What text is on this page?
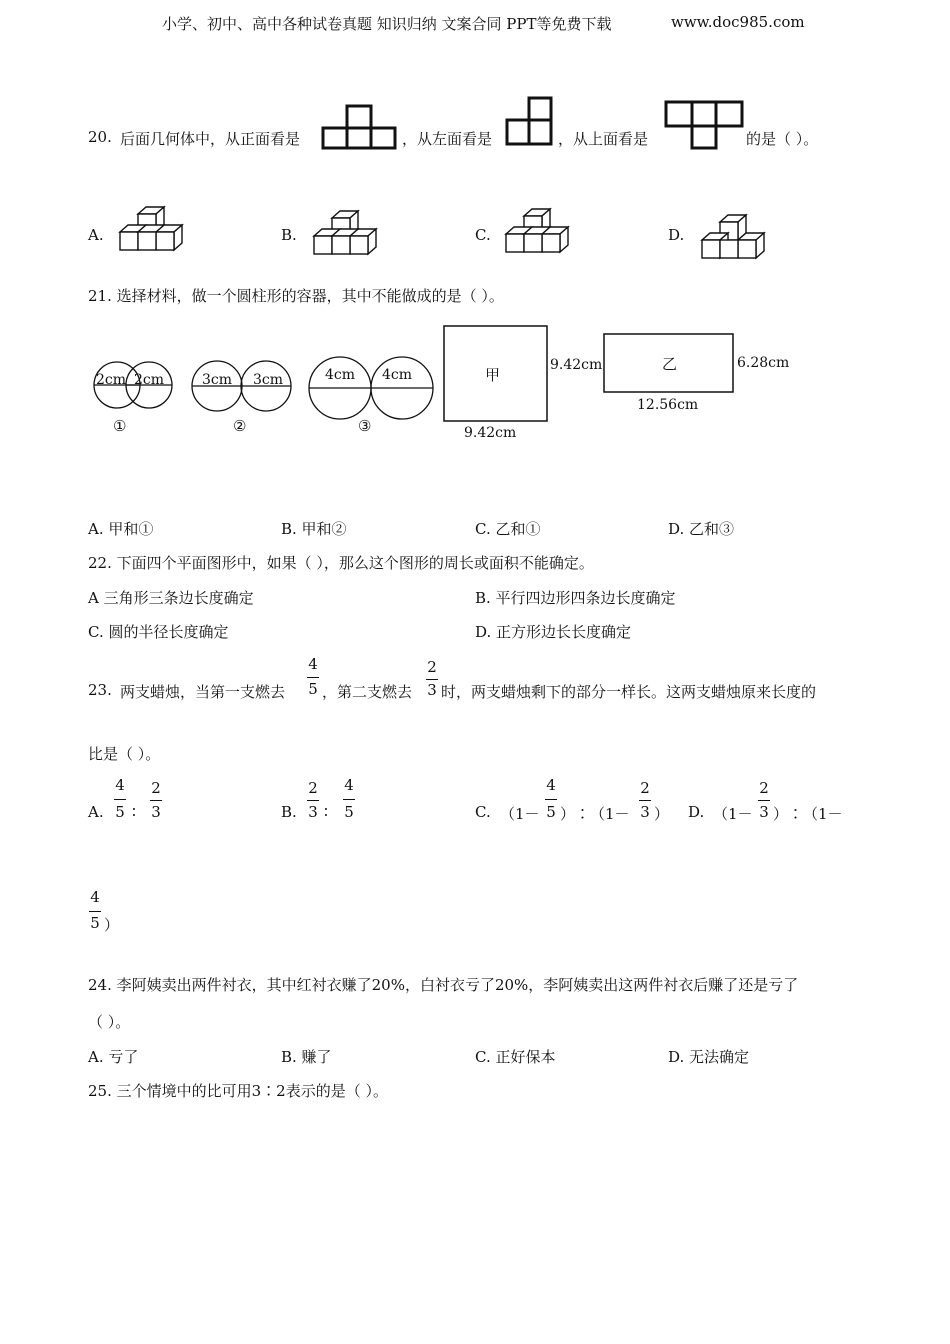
小学、初中、高中各种试卷真题 知识归纳 文案合同 PPT等免费下载	www.doc985.com
20. 后面几何体中，从正面看是	，从左面看是	，从上面看是	的是（ ）。
A.	B.	C.	D.
21. 选择材料，做一个圆柱形的容器，其中不能做成的是（ ）。
2cm 2cm	3cm 3cm	4cm 4cm
①	②	③
甲
9.42cm
9.42cm
乙	6.28cm
12.56cm
A. 甲和①	B. 甲和②	C. 乙和①	D. 乙和③
22. 下面四个平面图形中，如果（ ），那么这个图形的周长或面积不能确定。
A 三角形三条边长度确定	B. 平行四边形四条边长度确定
C. 圆的半径长度确定	D. 正方形边长长度确定
23. 两支蜡烛，当第一支燃去
4
5 ，第二支燃去
2
3 时，两支蜡烛剩下的部分一样长。这两支蜡烛原来长度的
比是（ ）。
A.
4
5 ∶
2
3	B.
2
3 ∶
4
5	C. （1－
4
5 ）∶（1－
2
3 ） D. （1－
2
3 ）∶（1－
4
5 ）
24. 李阿姨卖出两件衬衣，其中红衬衣赚了20%，白衬衣亏了20%，李阿姨卖出这两件衬衣后赚了还是亏了
（ ）。
A. 亏了	B. 赚了	C. 正好保本	D. 无法确定
25. 三个情境中的比可用3∶2表示的是（ ）。
